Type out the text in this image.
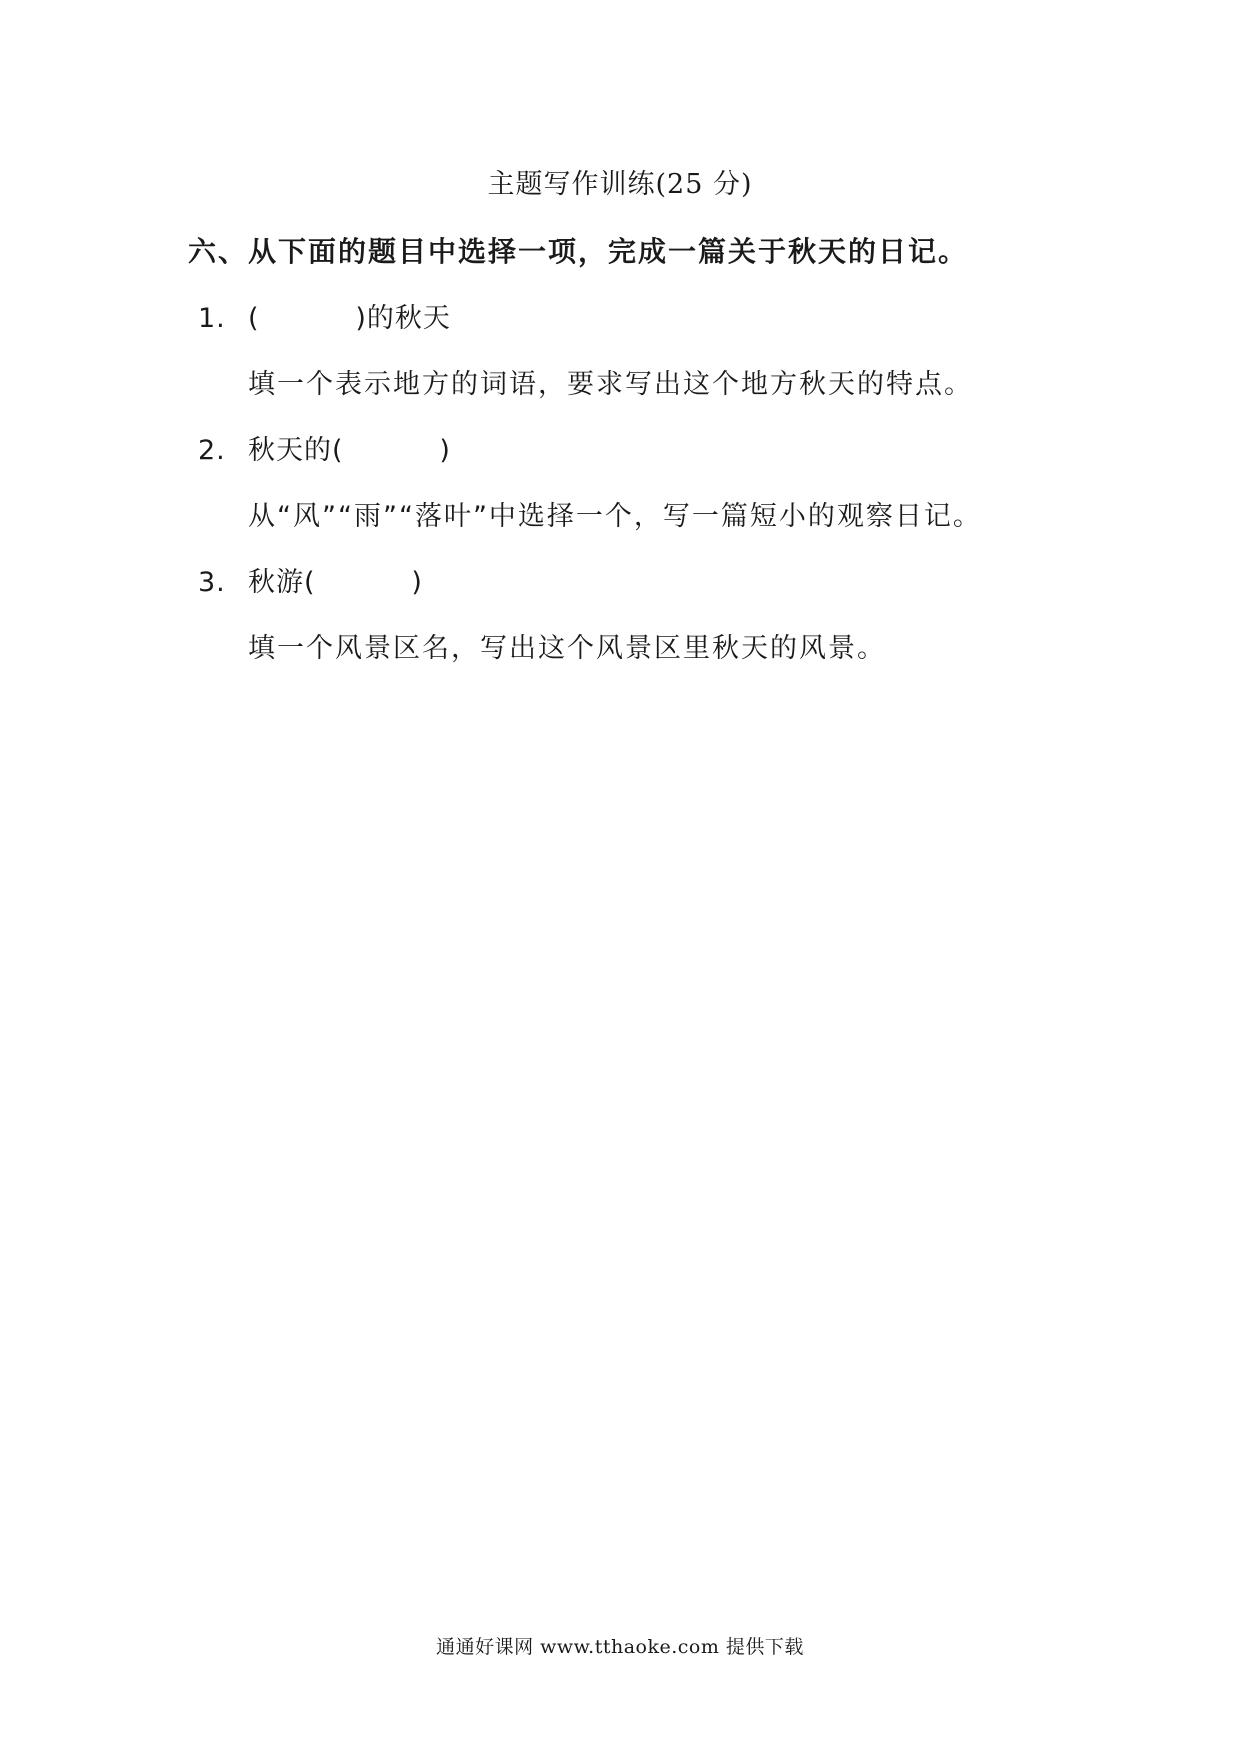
主题写作训练(25 分)
六、从下面的题目中选择一项，完成一篇关于秋天的日记。
1. (          )的秋天
填一个表示地方的词语，要求写出这个地方秋天的特点。
2. 秋天的(          )
从“风”“雨”“落叶”中选择一个，写一篇短小的观察日记。
3. 秋游(          )
填一个风景区名，写出这个风景区里秋天的风景。
通通好课网 www.tthaoke.com 提供下载
